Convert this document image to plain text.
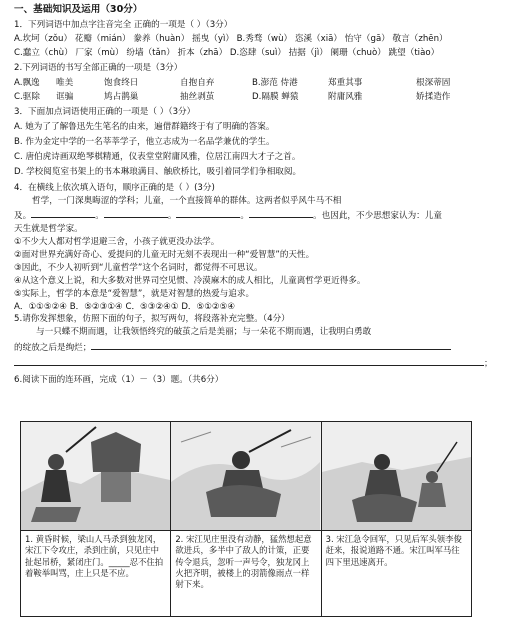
一、基础知识及运用（30分）

1．下列词语中加点字注音完全 正确的一项是（ ）（3分）

A.坎坷（zǒu） 花瓣（mián） 豢养（huàn） 摇曳（yì） B.秀骛（wù） 恣溪（xiā） 怡守（gā） 敬言（zhēn）

C.蠢立（chù） 厂家（mù） 纷墙（tǎn） 折本（zhā） D.恣肆（suì） 拮据（jì） 阑珊（chuò） 跳望（tiào）

2.下列词语的书写全部正确的一项是（3分）

A.飘逸	唯美	饱食终日	自抱自弃	B.澎范 侍港	郑重其事	根深蒂固
C.驱除	诓骗	鸠占鹊巢	抽丝剥茧	D.隔膜 蝉猿	附庸风雅	娇揉造作

3．下面加点词语使用正确的一项是（ ）（3分）

A. 她为了了解鲁迅先生笔名的由来，遍借群籍终于有了明确的答案。

B. 作为金定中学的一名莘莘学子，他立志成为一名品学兼优的学生。

C. 唐伯虎诗画双绝琴棋精通，仪表堂堂附庸风雅，位居江南四大才子之首。

D. 学校阅览室书架上的书本琳琅满目、触欣桥比，吸引着同学们争相取阅。

4．在横线上依次填入语句，顺序正确的是（ ）(3分)

哲学，一门深奥晦涩的学科；儿童，一个直接简单的群体。这两者似乎风牛马不相

及。	。	。	。	。也因此，不少思想家认为：儿童

天生就是哲学家。

①不少大人都对哲学退避三舍，小孩子就更没办法学。

②面对世界充满好奇心、爱提问的儿童无时无刻不表现出一种“爱智慧”的天性。

③因此，不少人初听到“儿童哲学”这个名词时，都觉得不可思议。

④从这个意义上说，和大多数对世界司空见惯、冷漠麻木的成人相比，儿童离哲学更近得多。

⑤实际上，哲学的本意是“爱智慧”，就是对智慧的热爱与追求。

A．①①⑤②④ B．⑤②③①④ C．⑤③②④① D．⑤①②⑤④

5.请你发挥想象，仿照下面的句子，拟写两句，将段落补充完整。（4分）

与一只蝶不期而遇，让我领悟终究的破茧之后是美丽；与一朵花不期而遇，让我明白勇敢

的绽放之后是绚烂；

；

6.阅读下面的连环画，完成（1）－（3）题。（共6分）

1. 黄昏时候，梁山人马杀到独龙冈，宋江下令攻庄，杀到庄前，只见庄中扯起吊桥，紧闭庄门。_____忍不住拍着鞍举叫骂，庄上只是不应。
2. 宋江见庄里没有动静，猛然想起意欲进兵，多半中了敌人的计策，正要传令退兵，忽听一声号令，独龙冈上火把齐明，被楼上的羽箭像雨点一样射下来。
3. 宋江急令回军，只见后军头领李俊赶来，报说道路不通。宋江叫军马往四下里迅速离开。
